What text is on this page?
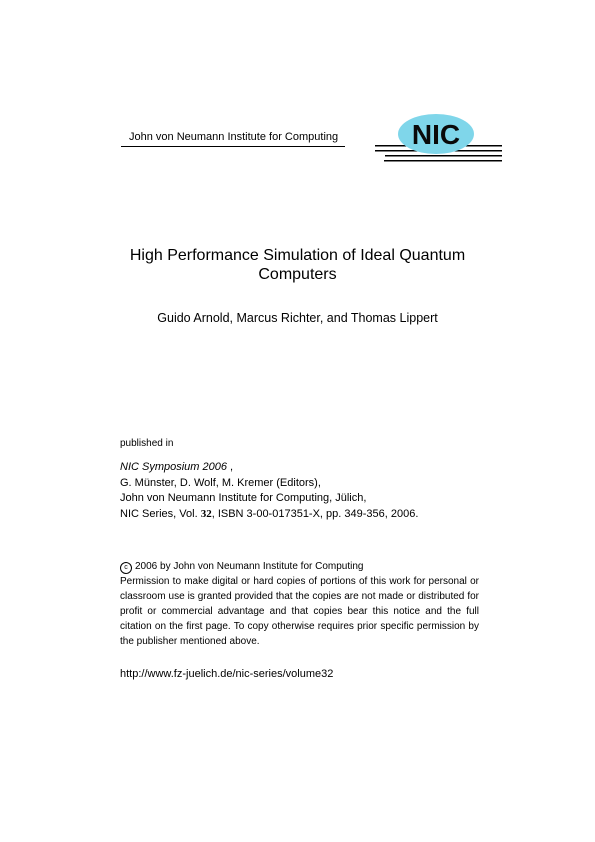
John von Neumann Institute for Computing	NIC
High Performance Simulation of Ideal Quantum Computers
Guido Arnold, Marcus Richter, and Thomas Lippert
published in
NIC Symposium 2006 ,
G. Münster, D. Wolf, M. Kremer (Editors),
John von Neumann Institute for Computing, Jülich,
NIC Series, Vol. 32, ISBN 3-00-017351-X, pp. 349-356, 2006.
c 2006 by John von Neumann Institute for Computing
Permission to make digital or hard copies of portions of this work for personal or classroom use is granted provided that the copies are not made or distributed for profit or commercial advantage and that copies bear this notice and the full citation on the first page. To copy otherwise requires prior specific permission by the publisher mentioned above.
http://www.fz-juelich.de/nic-series/volume32
